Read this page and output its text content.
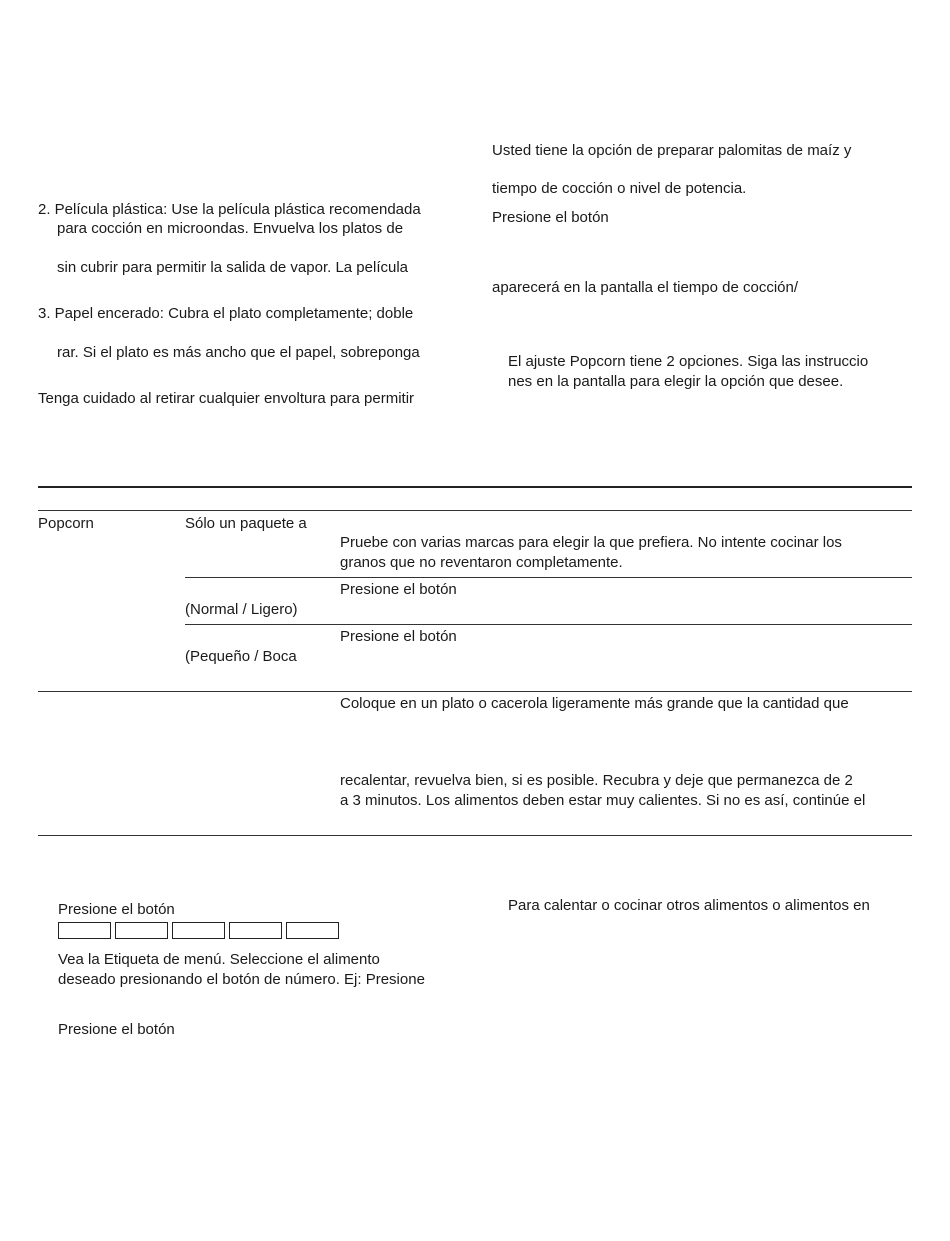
2. Película plástica: Use la película plástica recomendada

para cocción en microondas. Envuelva los platos de

sin cubrir para permitir la salida de vapor. La película

3. Papel encerado: Cubra el plato completamente; doble

rar. Si el plato es más ancho que el papel, sobreponga

Tenga cuidado al retirar cualquier envoltura para permitir

Usted tiene la opción de preparar palomitas de maíz y

tiempo de cocción o nivel de potencia.

Presione el botón

aparecerá en la pantalla el tiempo de cocción/

El ajuste Popcorn tiene 2 opciones. Siga las instruccio

nes en la pantalla para elegir la opción que desee.

Popcorn	Sólo un paquete a

Pruebe con varias marcas para elegir la que prefiera. No intente cocinar los

granos que no reventaron completamente.

Presione el botón

(Normal / Ligero)

Presione el botón

(Pequeño / Boca

Coloque en un plato o cacerola ligeramente más grande que la cantidad que

recalentar, revuelva bien, si es posible. Recubra y deje que permanezca de 2

a 3 minutos. Los alimentos deben estar muy calientes. Si no es así, continúe el

Presione el botón

Vea la Etiqueta de menú. Seleccione el alimento

deseado presionando el botón de número. Ej: Presione

Presione el botón

Para calentar o cocinar otros alimentos o alimentos en
